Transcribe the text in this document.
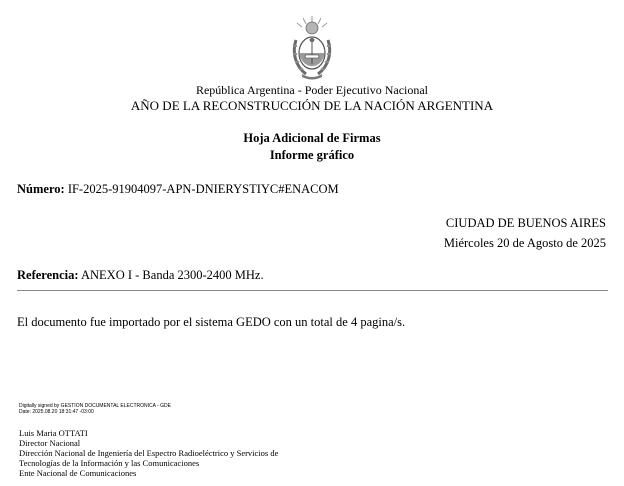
República Argentina - Poder Ejecutivo Nacional
AÑO DE LA RECONSTRUCCIÓN DE LA NACIÓN ARGENTINA
Hoja Adicional de Firmas
Informe gráfico
Número: IF-2025-91904097-APN-DNIERYSTIYC#ENACOM
CIUDAD DE BUENOS AIRES
Miércoles 20 de Agosto de 2025
Referencia: ANEXO I - Banda 2300-2400 MHz.
El documento fue importado por el sistema GEDO con un total de 4 pagina/s.
Digitally signed by GESTION DOCUMENTAL ELECTRONICA - GDE
Date: 2025.08.20 18:31:47 -03:00
Luis Maria OTTATI
Director Nacional
Dirección Nacional de Ingeniería del Espectro Radioeléctrico y Servicios de
Tecnologías de la Información y las Comunicaciones
Ente Nacional de Comunicaciones
